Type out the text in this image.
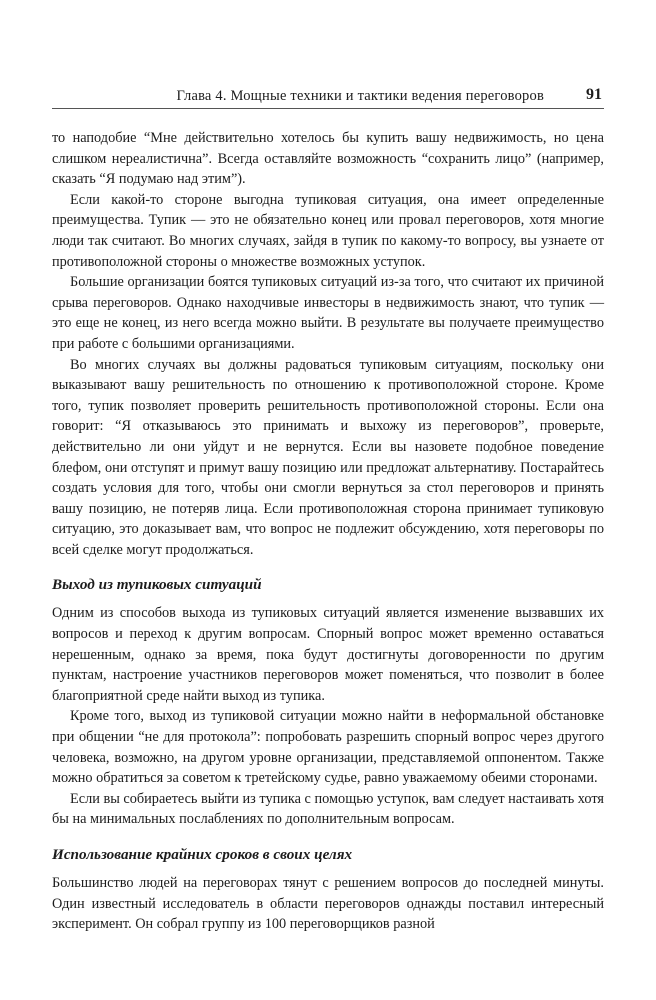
Глава 4. Мощные техники и тактики ведения переговоров	91

то наподобие “Мне действительно хотелось бы купить вашу недвижимость, но цена слишком нереалистична”. Всегда оставляйте возможность “сохранить лицо” (например, сказать “Я подумаю над этим”).

Если какой-то стороне выгодна тупиковая ситуация, она имеет определенные преимущества. Тупик — это не обязательно конец или провал переговоров, хотя многие люди так считают. Во многих случаях, зайдя в тупик по какому-то вопросу, вы узнаете от противоположной стороны о множестве возможных уступок.

Большие организации боятся тупиковых ситуаций из-за того, что считают их причиной срыва переговоров. Однако находчивые инвесторы в недвижимость знают, что тупик — это еще не конец, из него всегда можно выйти. В результате вы получаете преимущество при работе с большими организациями.

Во многих случаях вы должны радоваться тупиковым ситуациям, поскольку они выказывают вашу решительность по отношению к противоположной стороне. Кроме того, тупик позволяет проверить решительность противоположной стороны. Если она говорит: “Я отказываюсь это принимать и выхожу из переговоров”, проверьте, действительно ли они уйдут и не вернутся. Если вы назовете подобное поведение блефом, они отступят и примут вашу позицию или предложат альтернативу. Постарайтесь создать условия для того, чтобы они смогли вернуться за стол переговоров и принять вашу позицию, не потеряв лица. Если противоположная сторона принимает тупиковую ситуацию, это доказывает вам, что вопрос не подлежит обсуждению, хотя переговоры по всей сделке могут продолжаться.

Выход из тупиковых ситуаций

Одним из способов выхода из тупиковых ситуаций является изменение вызвавших их вопросов и переход к другим вопросам. Спорный вопрос может временно оставаться нерешенным, однако за время, пока будут достигнуты договоренности по другим пунктам, настроение участников переговоров может поменяться, что позволит в более благоприятной среде найти выход из тупика.

Кроме того, выход из тупиковой ситуации можно найти в неформальной обстановке при общении “не для протокола”: попробовать разрешить спорный вопрос через другого человека, возможно, на другом уровне организации, представляемой оппонентом. Также можно обратиться за советом к третейскому судье, равно уважаемому обеими сторонами.

Если вы собираетесь выйти из тупика с помощью уступок, вам следует настаивать хотя бы на минимальных послаблениях по дополнительным вопросам.

Использование крайних сроков в своих целях

Большинство людей на переговорах тянут с решением вопросов до последней минуты. Один известный исследователь в области переговоров однажды поставил интересный эксперимент. Он собрал группу из 100 переговорщиков разной
